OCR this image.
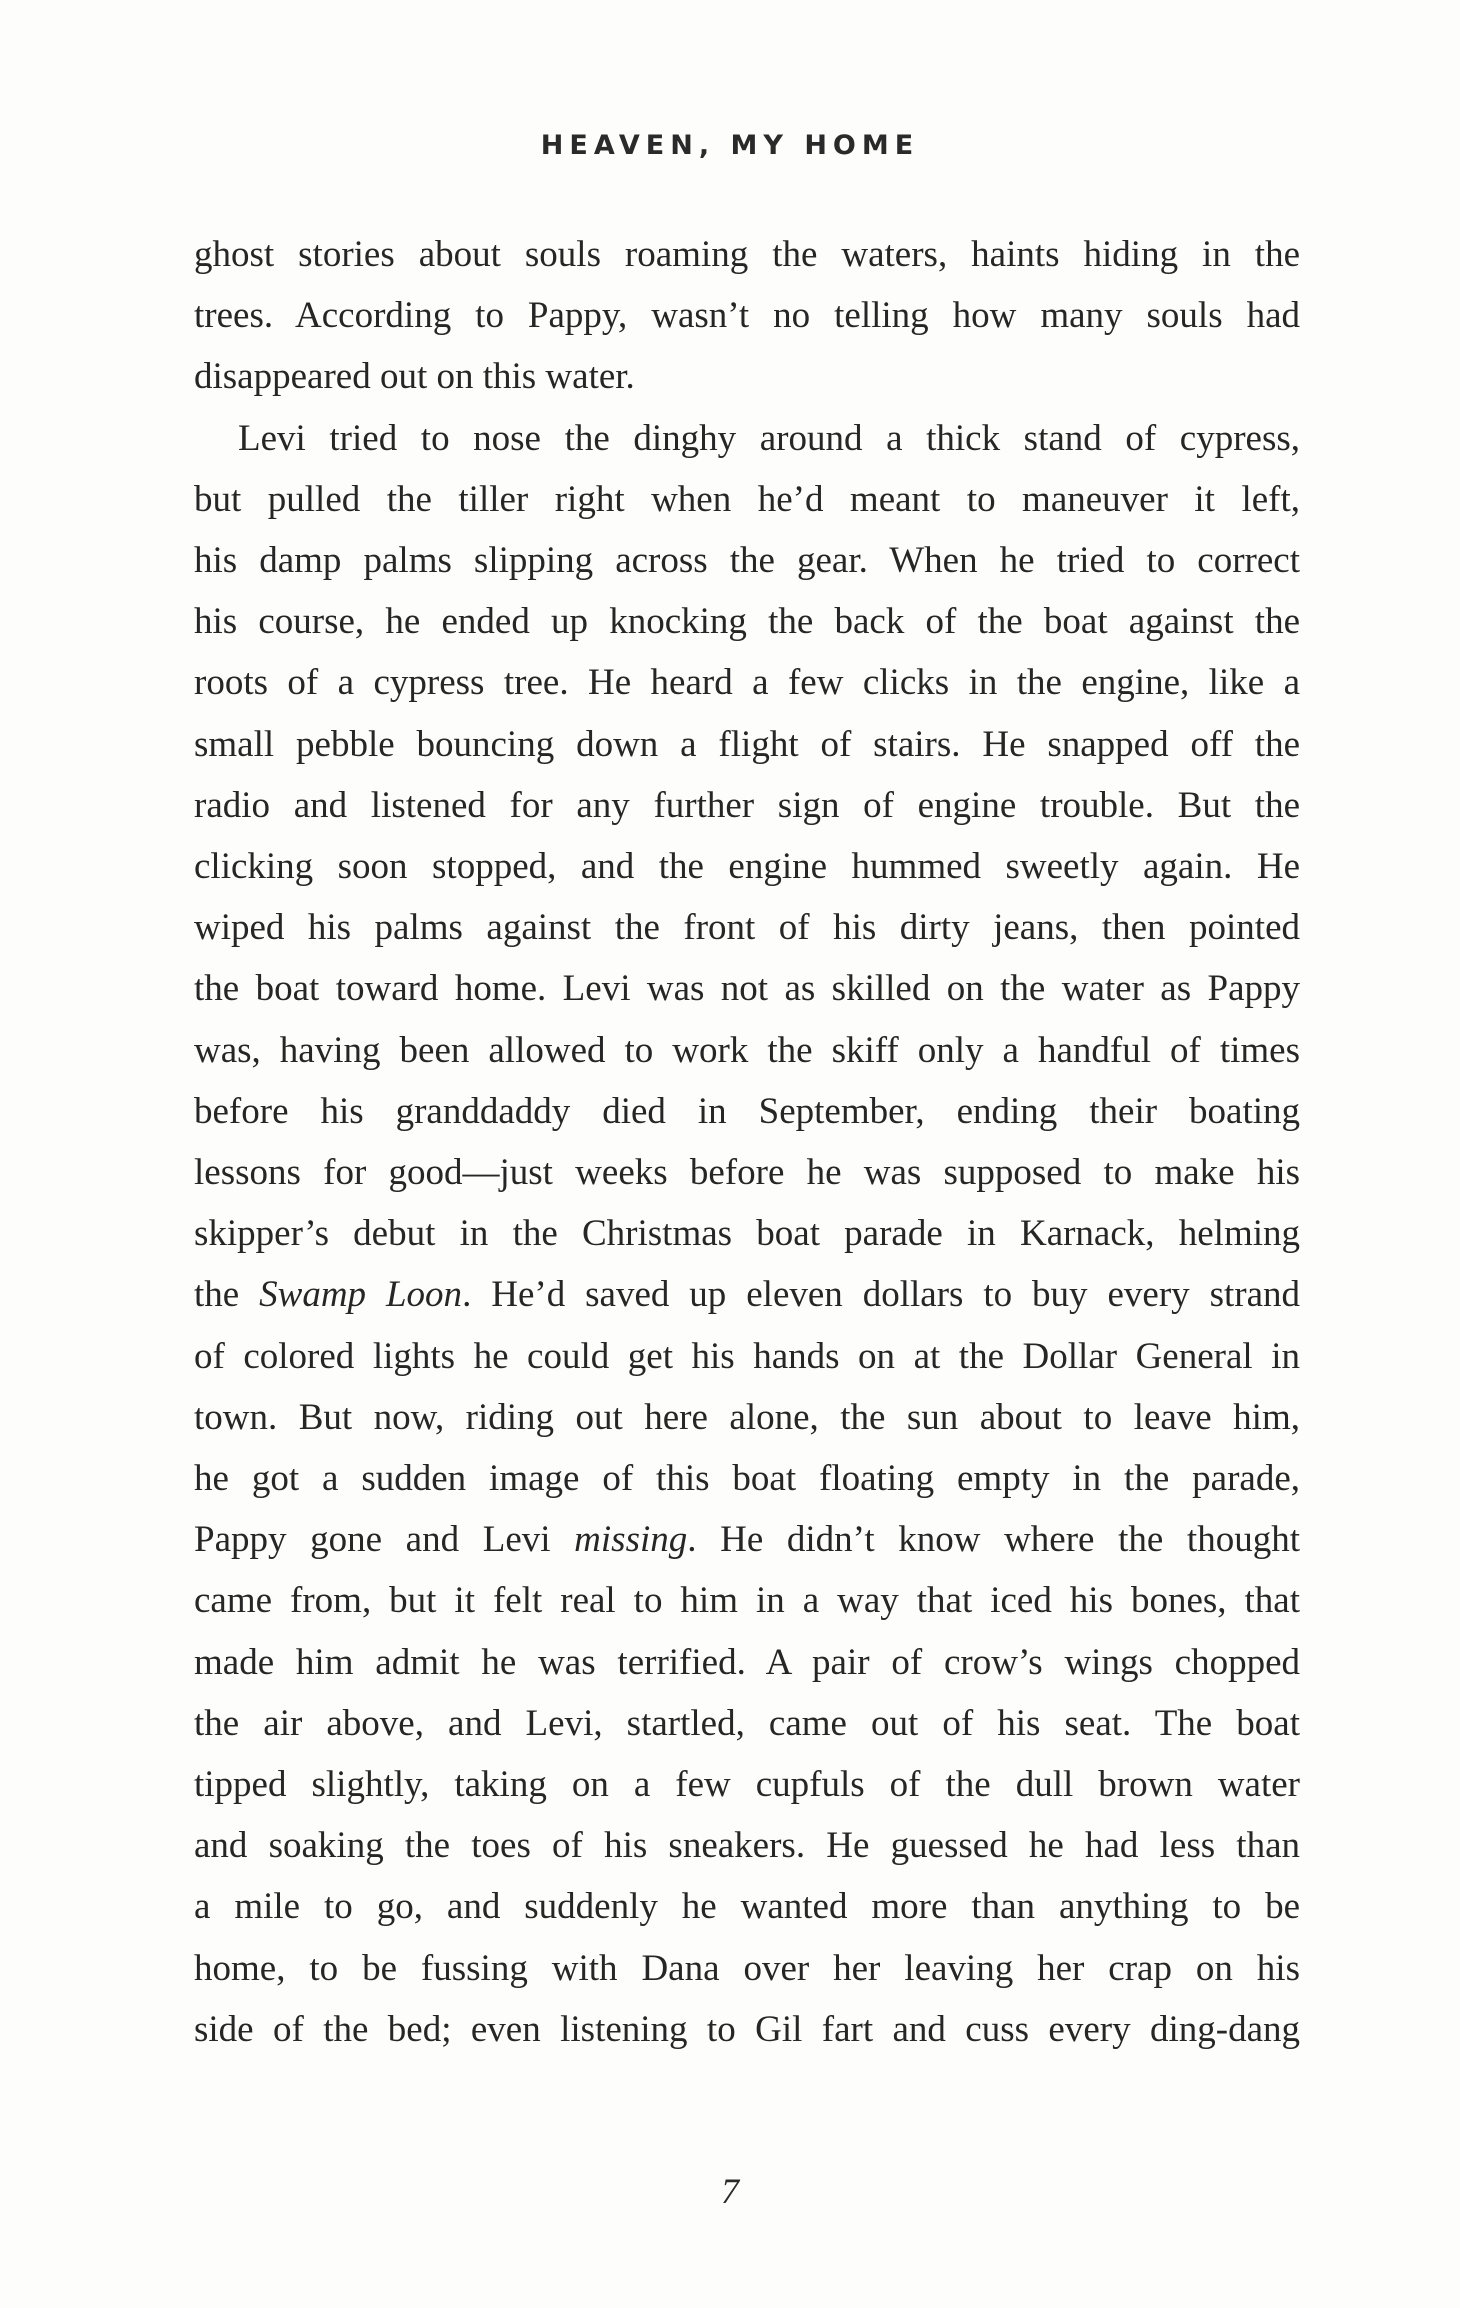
HEAVEN, MY HOME
ghost stories about souls roaming the waters, haints hiding in the
trees. According to Pappy, wasn’t no telling how many souls had
disappeared out on this water.
Levi tried to nose the dinghy around a thick stand of cypress,
but pulled the tiller right when he’d meant to maneuver it left,
his damp palms slipping across the gear. When he tried to correct
his course, he ended up knocking the back of the boat against the
roots of a cypress tree. He heard a few clicks in the engine, like a
small pebble bouncing down a flight of stairs. He snapped off the
radio and listened for any further sign of engine trouble. But the
clicking soon stopped, and the engine hummed sweetly again. He
wiped his palms against the front of his dirty jeans, then pointed
the boat toward home. Levi was not as skilled on the water as Pappy
was, having been allowed to work the skiff only a handful of times
before his granddaddy died in September, ending their boating
lessons for good—just weeks before he was supposed to make his
skipper’s debut in the Christmas boat parade in Karnack, helming
the Swamp Loon. He’d saved up eleven dollars to buy every strand
of colored lights he could get his hands on at the Dollar General in
town. But now, riding out here alone, the sun about to leave him,
he got a sudden image of this boat floating empty in the parade,
Pappy gone and Levi missing. He didn’t know where the thought
came from, but it felt real to him in a way that iced his bones, that
made him admit he was terrified. A pair of crow’s wings chopped
the air above, and Levi, startled, came out of his seat. The boat
tipped slightly, taking on a few cupfuls of the dull brown water
and soaking the toes of his sneakers. He guessed he had less than
a mile to go, and suddenly he wanted more than anything to be
home, to be fussing with Dana over her leaving her crap on his
side of the bed; even listening to Gil fart and cuss every ding-dang
7
